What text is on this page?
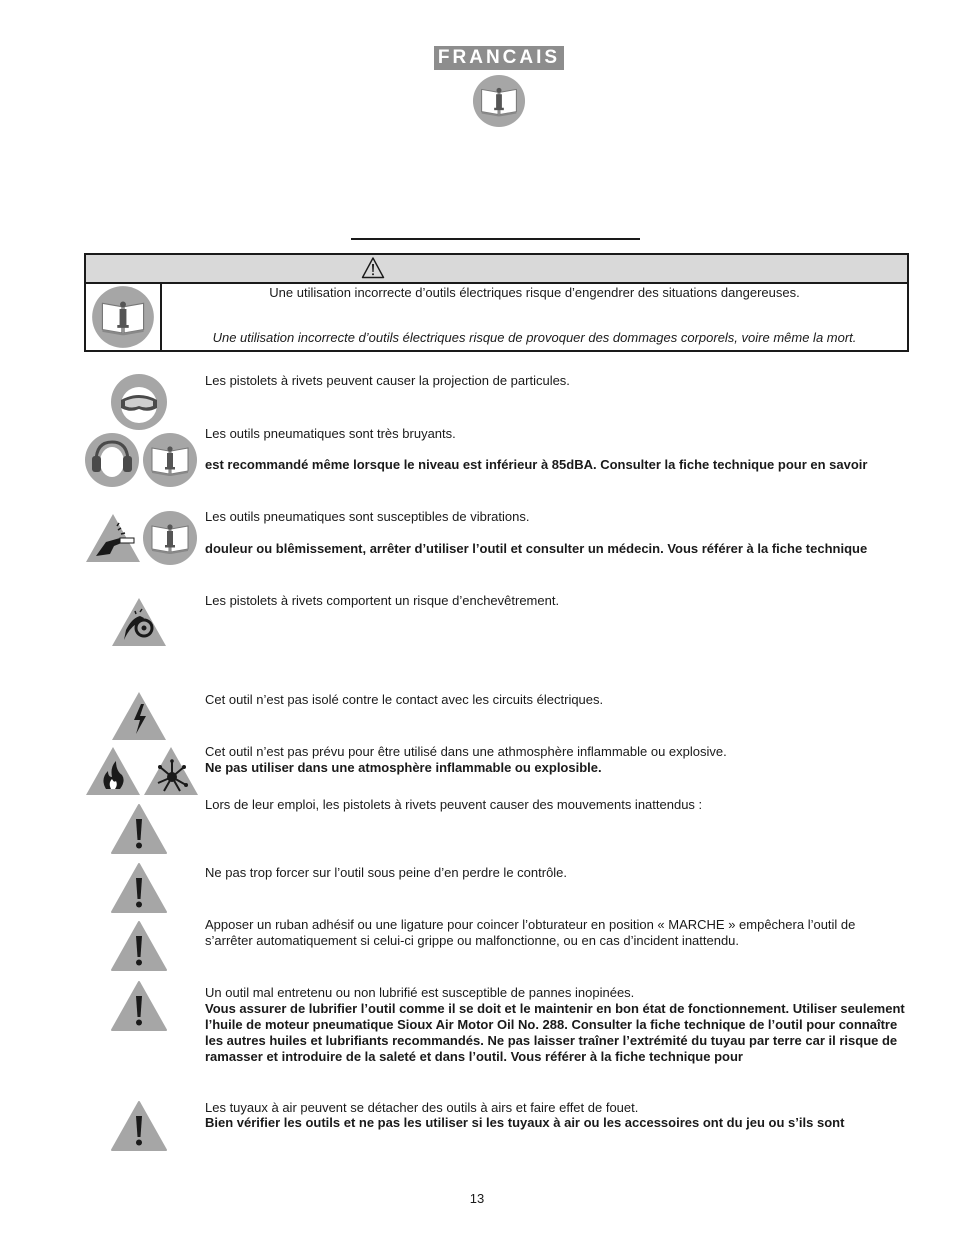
FRANCAIS
Une utilisation incorrecte d’outils électriques risque d’engendrer des situations dangereuses.
Une utilisation incorrecte d’outils électriques risque de provoquer des dommages corporels, voire même la mort.
Les pistolets à rivets peuvent causer la projection de particules.
Les outils pneumatiques sont très bruyants.
est recommandé même lorsque le niveau est inférieur à 85dBA. Consulter la fiche technique pour en savoir
Les outils pneumatiques sont susceptibles de vibrations.
douleur ou blêmissement, arrêter d’utiliser l’outil et consulter un médecin. Vous référer à la fiche technique
Les pistolets à rivets comportent un risque d’enchevêtrement.
Cet outil n’est pas isolé contre le contact avec les circuits électriques.
Cet outil n’est pas prévu pour être utilisé dans une athmosphère inflammable ou explosive.
Ne pas utiliser dans une atmosphère inflammable ou explosible.
Lors de leur emploi, les pistolets à rivets peuvent causer des mouvements inattendus :
Ne pas trop forcer sur l’outil sous peine d’en perdre le contrôle.
Apposer un ruban adhésif ou une ligature pour coincer l’obturateur en position « MARCHE » empêchera l’outil de s’arrêter automatiquement si celui-ci grippe ou malfonctionne, ou en cas d’incident inattendu.
Un outil mal entretenu ou non lubrifié est susceptible de pannes inopinées.
Vous assurer de lubrifier l’outil comme il se doit et le maintenir en bon état de fonctionnement. Utiliser seulement l’huile de moteur pneumatique Sioux Air Motor Oil No. 288. Consulter la fiche technique de l’outil pour connaître les autres huiles et lubrifiants recommandés. Ne pas laisser traîner l’extrémité du tuyau par terre car il risque de ramasser et introduire de la saleté et dans l’outil. Vous référer à la fiche technique pour
Les tuyaux à air peuvent se détacher des outils à airs et faire effet de fouet.
Bien vérifier les outils et ne pas les utiliser si les tuyaux à air ou les accessoires ont du jeu ou s’ils sont
13
